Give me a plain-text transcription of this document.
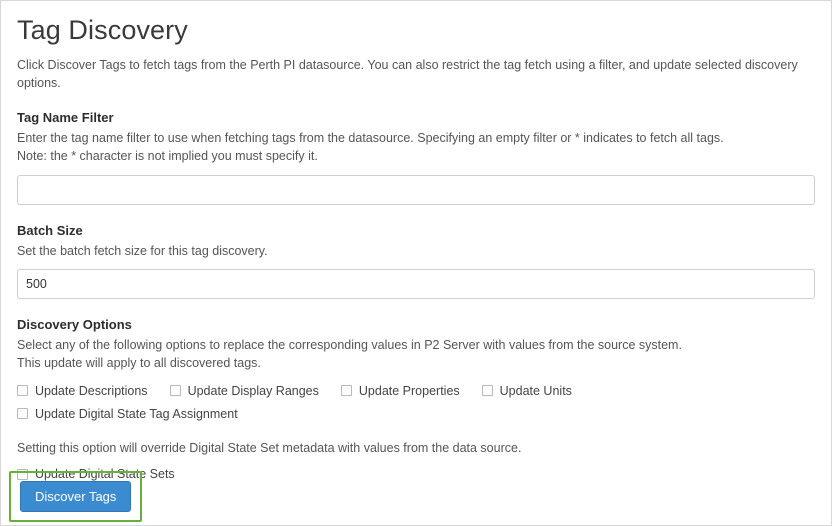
Tag Discovery

Click Discover Tags to fetch tags from the Perth PI datasource. You can also restrict the tag fetch using a filter, and update selected discovery options.

Tag Name Filter

Enter the tag name filter to use when fetching tags from the datasource. Specifying an empty filter or * indicates to fetch all tags.

Note: the * character is not implied you must specify it.

Batch Size

Set the batch fetch size for this tag discovery.

500
Discovery Options

Select any of the following options to replace the corresponding values in P2 Server with values from the source system.

This update will apply to all discovered tags.

Update Descriptions	Update Display Ranges	Update Properties	Update Units
Update Digital State Tag Assignment

Setting this option will override Digital State Set metadata with values from the data source.

Update Digital State Sets
Discover Tags
